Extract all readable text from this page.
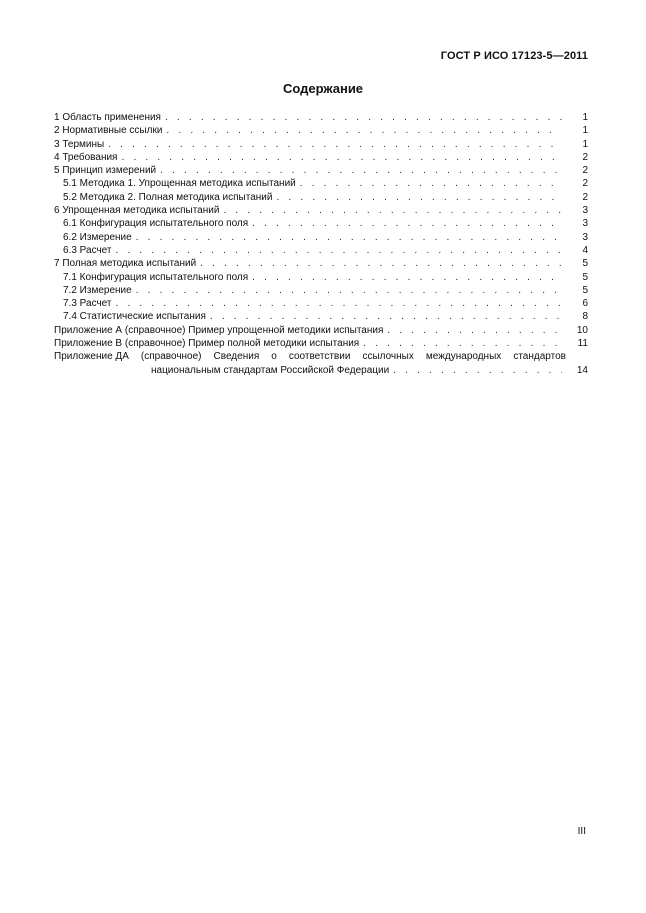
ГОСТ Р ИСО 17123-5—2011
Содержание
1 Область применения . . .	1
2 Нормативные ссылки . . .	1
3 Термины . . .	1
4 Требования . . .	2
5 Принцип измерений . . .	2
5.1 Методика 1. Упрощенная методика испытаний . . .	2
5.2 Методика 2. Полная методика испытаний . . .	2
6 Упрощенная методика испытаний . . .	3
6.1 Конфигурация испытательного поля . . .	3
6.2 Измерение . . .	3
6.3 Расчет . . .	4
7 Полная методика испытаний . . .	5
7.1 Конфигурация испытательного поля . . .	5
7.2 Измерение . . .	5
7.3 Расчет . . .	6
7.4 Статистические испытания . . .	8
Приложение А (справочное) Пример упрощенной методики испытания . . .	10
Приложение В (справочное) Пример полной методики испытания . . .	11
Приложение ДА (справочное) Сведения о соответствии ссылочных международных стандартов
национальным стандартам Российской Федерации . . .	14
III
